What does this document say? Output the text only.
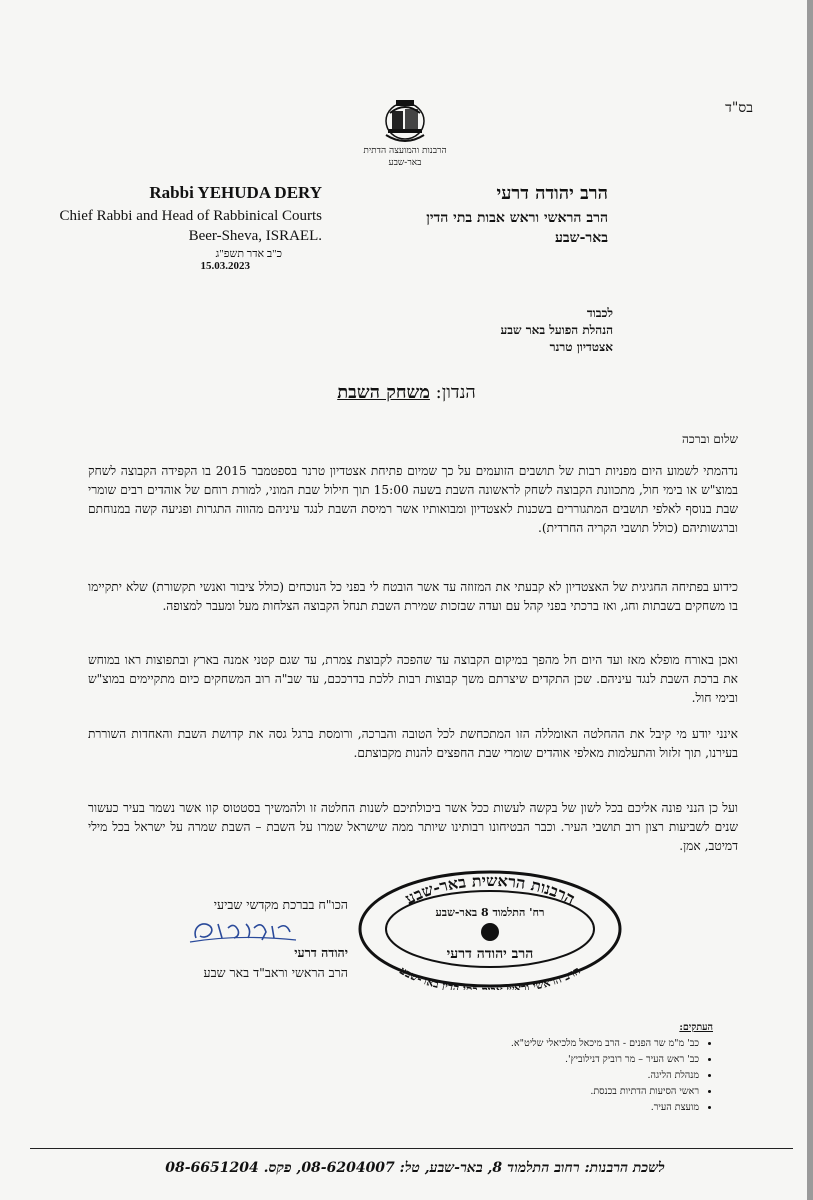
בס"ד
הרבנות והמועצה הדתית
באר-שבע
Rabbi YEHUDA DERY
Chief Rabbi and Head of Rabbinical Courts
Beer-Sheva, ISRAEL.
כ"ב אדר תשפ"ג
15.03.2023
הרב יהודה דרעי
הרב הראשי וראש אבות בתי הדין
באר-שבע
לכבוד
הנהלת הפועל באר שבע
אצטדיון טרנר
הנדון: משחק השבת
שלום וברכה
נדהמתי לשמוע היום מפניות רבות של תושבים הזועמים על כך שמיום פתיחת אצטדיון טרנר בספטמבר 2015 בו הקפידה הקבוצה לשחק במוצ"ש או בימי חול, מתכוונת הקבוצה לשחק לראשונה השבת בשעה 15:00 תוך חילול שבת המוני, למורת רוחם של אוהדים רבים שומרי שבת בנוסף לאלפי תושבים המתגוררים בשכנות לאצטדיון ומבואותיו אשר רמיסת השבת לנגד עיניהם מהווה התגרות ופגיעה קשה במנוחתם וברגשותיהם (כולל תושבי הקריה החרדית).
כידוע בפתיחה החגיגית של האצטדיון לא קבעתי את המזוזה עד אשר הובטח לי בפני כל הנוכחים (כולל ציבור ואנשי תקשורת) שלא יתקיימו בו משחקים בשבתות וחג, ואז ברכתי בפני קהל עם ועדה שבזכות שמירת השבת תנחל הקבוצה הצלחות מעל ומעבר למצופה.
ואכן באורח מופלא מאז ועד היום חל מהפך במיקום הקבוצה עד שהפכה לקבוצת צמרת, עד שגם קטני אמנה בארץ ובתפוצות ראו במוחש את ברכת השבת לנגד עיניהם. שכן התקדים שיצרתם משך קבוצות רבות ללכת בדרככם, עד שב"ה רוב המשחקים כיום מתקיימים במוצ"ש ובימי חול.
אינני יודע מי קיבל את ההחלטה האומללה הזו המתכחשת לכל הטובה והברכה, ורומסת ברגל גסה את קדושת השבת והאחדות השוררת בעירנו, תוך זלזול והתעלמות מאלפי אוהדים שומרי שבת החפצים להנות מקבוצתם.
ועל כן הנני פונה אליכם בכל לשון של בקשה לעשות ככל אשר ביכולתיכם לשנות החלטה זו ולהמשיך בסטטוס קוו אשר נשמר בעיר כעשור שנים לשביעות רצון רוב תושבי העיר. וכבר הבטיחונו רבותינו שיותר ממה שישראל שמרו על השבת – השבת שמרה על ישראל בכל מילי דמיטב, אמן.
הכו"ח בברכת מקדשי שביעי
יהודה דרעי
הרב הראשי וראב"ד באר שבע
הרבנות הראשית באר-שבע
הרב הראשי וראש תי הדין באר-שבע
רח' התלמוד 8 באר-שבע
הרב יהודה דרעי
העתקים:
• כב' מ"מ שר הפנים - הרב מיכאל מלכיאלי שליט"א.
• כב' ראש העיר – מר רוביק דנילוביץ'.
• מנהלת הליגה.
• ראשי הסיעות הדתיות בכנסת.
• מועצת העיר.
לשכת הרבנות: רחוב התלמוד 8, באר-שבע, טל: 08-6204007, פקס. 08-6651204
